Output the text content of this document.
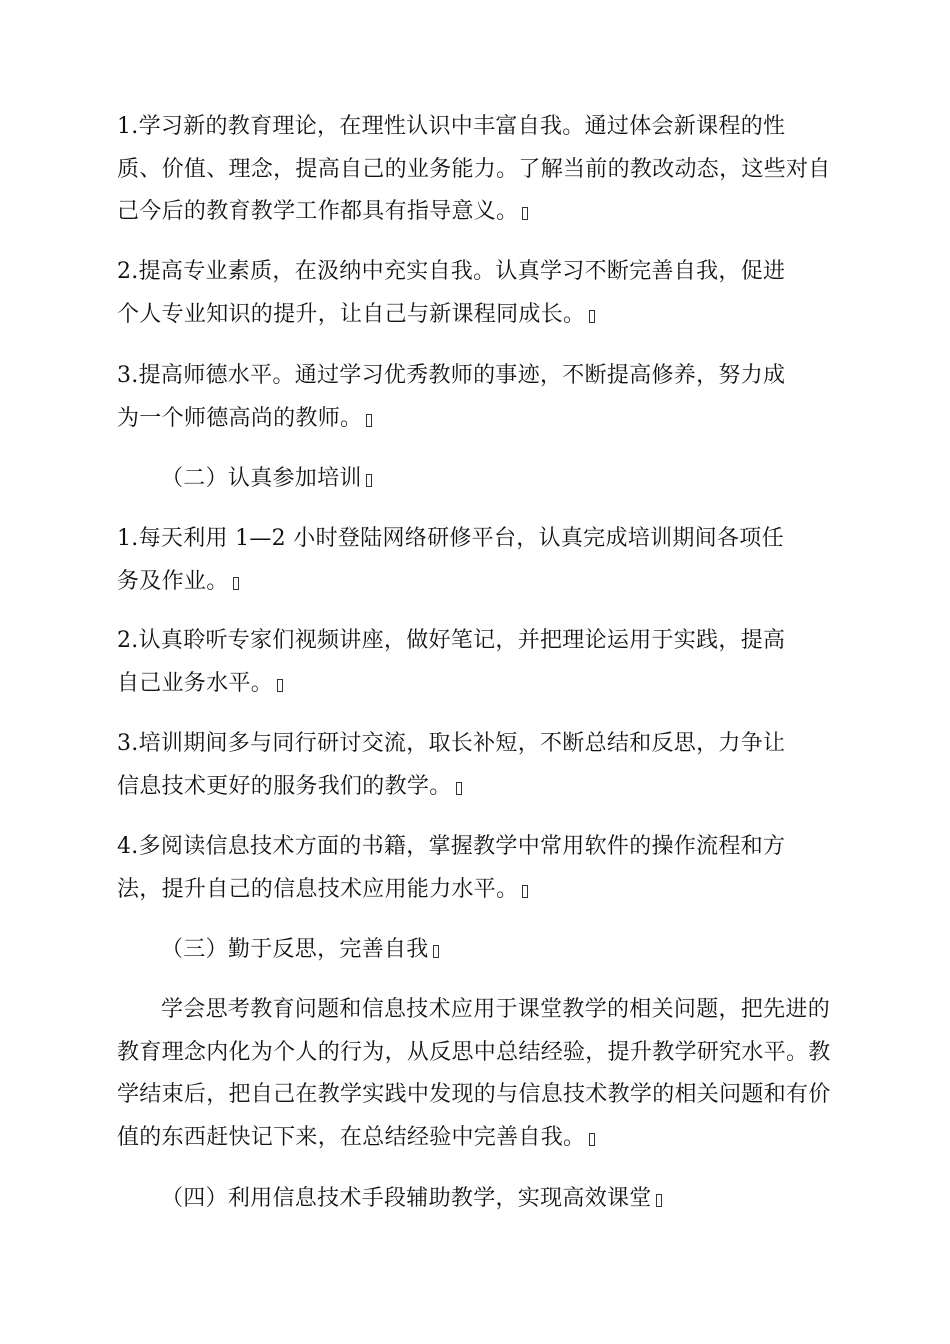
1.学习新的教育理论，在理性认识中丰富自我。通过体会新课程的性
质、价值、理念，提高自己的业务能力。了解当前的教改动态，这些对自
己今后的教育教学工作都具有指导意义。

2.提高专业素质，在汲纳中充实自我。认真学习不断完善自我，促进
个人专业知识的提升，让自己与新课程同成长。

3.提高师德水平。通过学习优秀教师的事迹，不断提高修养，努力成
为一个师德高尚的教师。

（二）认真参加培训

1.每天利用 1—2 小时登陆网络研修平台，认真完成培训期间各项任
务及作业。

2.认真聆听专家们视频讲座，做好笔记，并把理论运用于实践，提高
自己业务水平。

3.培训期间多与同行研讨交流，取长补短，不断总结和反思，力争让
信息技术更好的服务我们的教学。

4.多阅读信息技术方面的书籍，掌握教学中常用软件的操作流程和方
法，提升自己的信息技术应用能力水平。

（三）勤于反思，完善自我

学会思考教育问题和信息技术应用于课堂教学的相关问题，把先进的
教育理念内化为个人的行为，从反思中总结经验，提升教学研究水平。教
学结束后，把自己在教学实践中发现的与信息技术教学的相关问题和有价
值的东西赶快记下来，在总结经验中完善自我。

（四）利用信息技术手段辅助教学，实现高效课堂
